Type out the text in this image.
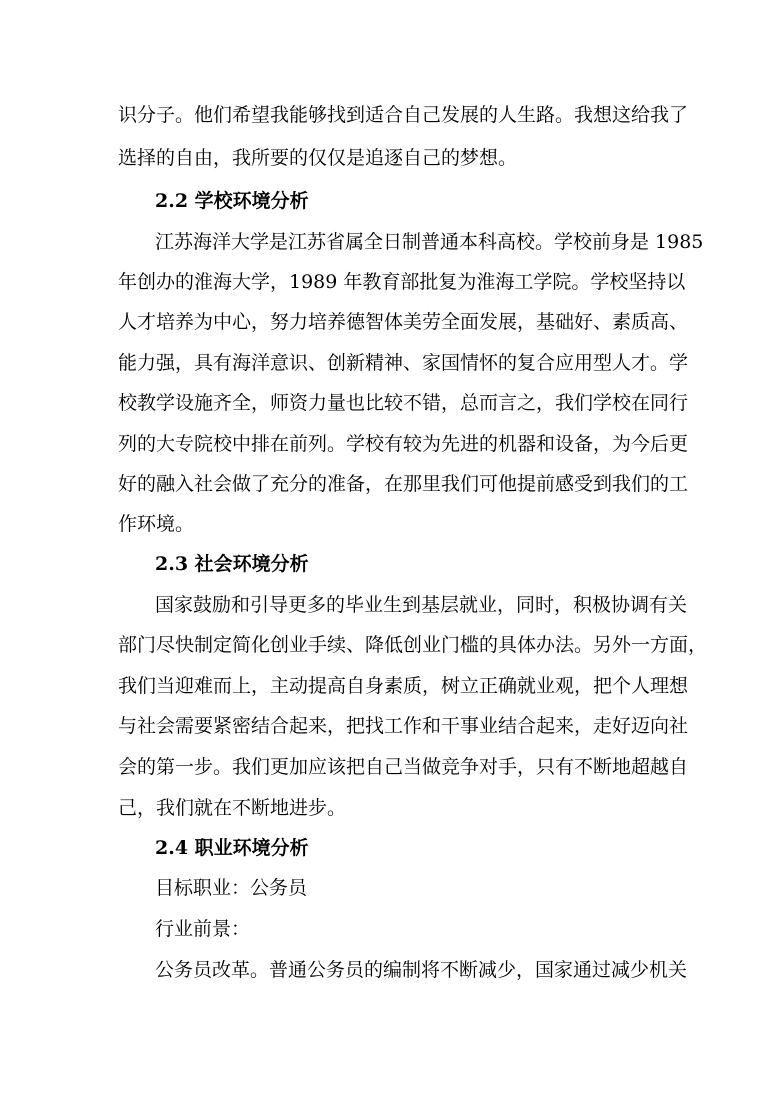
识分子。他们希望我能够找到适合自己发展的人生路。我想这给我了
选择的自由，我所要的仅仅是追逐自己的梦想。
2.2 学校环境分析
江苏海洋大学是江苏省属全日制普通本科高校。学校前身是 1985
年创办的淮海大学，1989 年教育部批复为淮海工学院。学校坚持以
人才培养为中心，努力培养德智体美劳全面发展，基础好、素质高、
能力强，具有海洋意识、创新精神、家国情怀的复合应用型人才。学
校教学设施齐全，师资力量也比较不错，总而言之，我们学校在同行
列的大专院校中排在前列。学校有较为先进的机器和设备，为今后更
好的融入社会做了充分的准备，在那里我们可他提前感受到我们的工
作环境。
2.3 社会环境分析
国家鼓励和引导更多的毕业生到基层就业，同时，积极协调有关
部门尽快制定简化创业手续、降低创业门槛的具体办法。另外一方面，
我们当迎难而上，主动提高自身素质，树立正确就业观，把个人理想
与社会需要紧密结合起来，把找工作和干事业结合起来，走好迈向社
会的第一步。我们更加应该把自己当做竞争对手，只有不断地超越自
己，我们就在不断地进步。
2.4 职业环境分析
目标职业：公务员
行业前景：
公务员改革。普通公务员的编制将不断减少，国家通过减少机关
